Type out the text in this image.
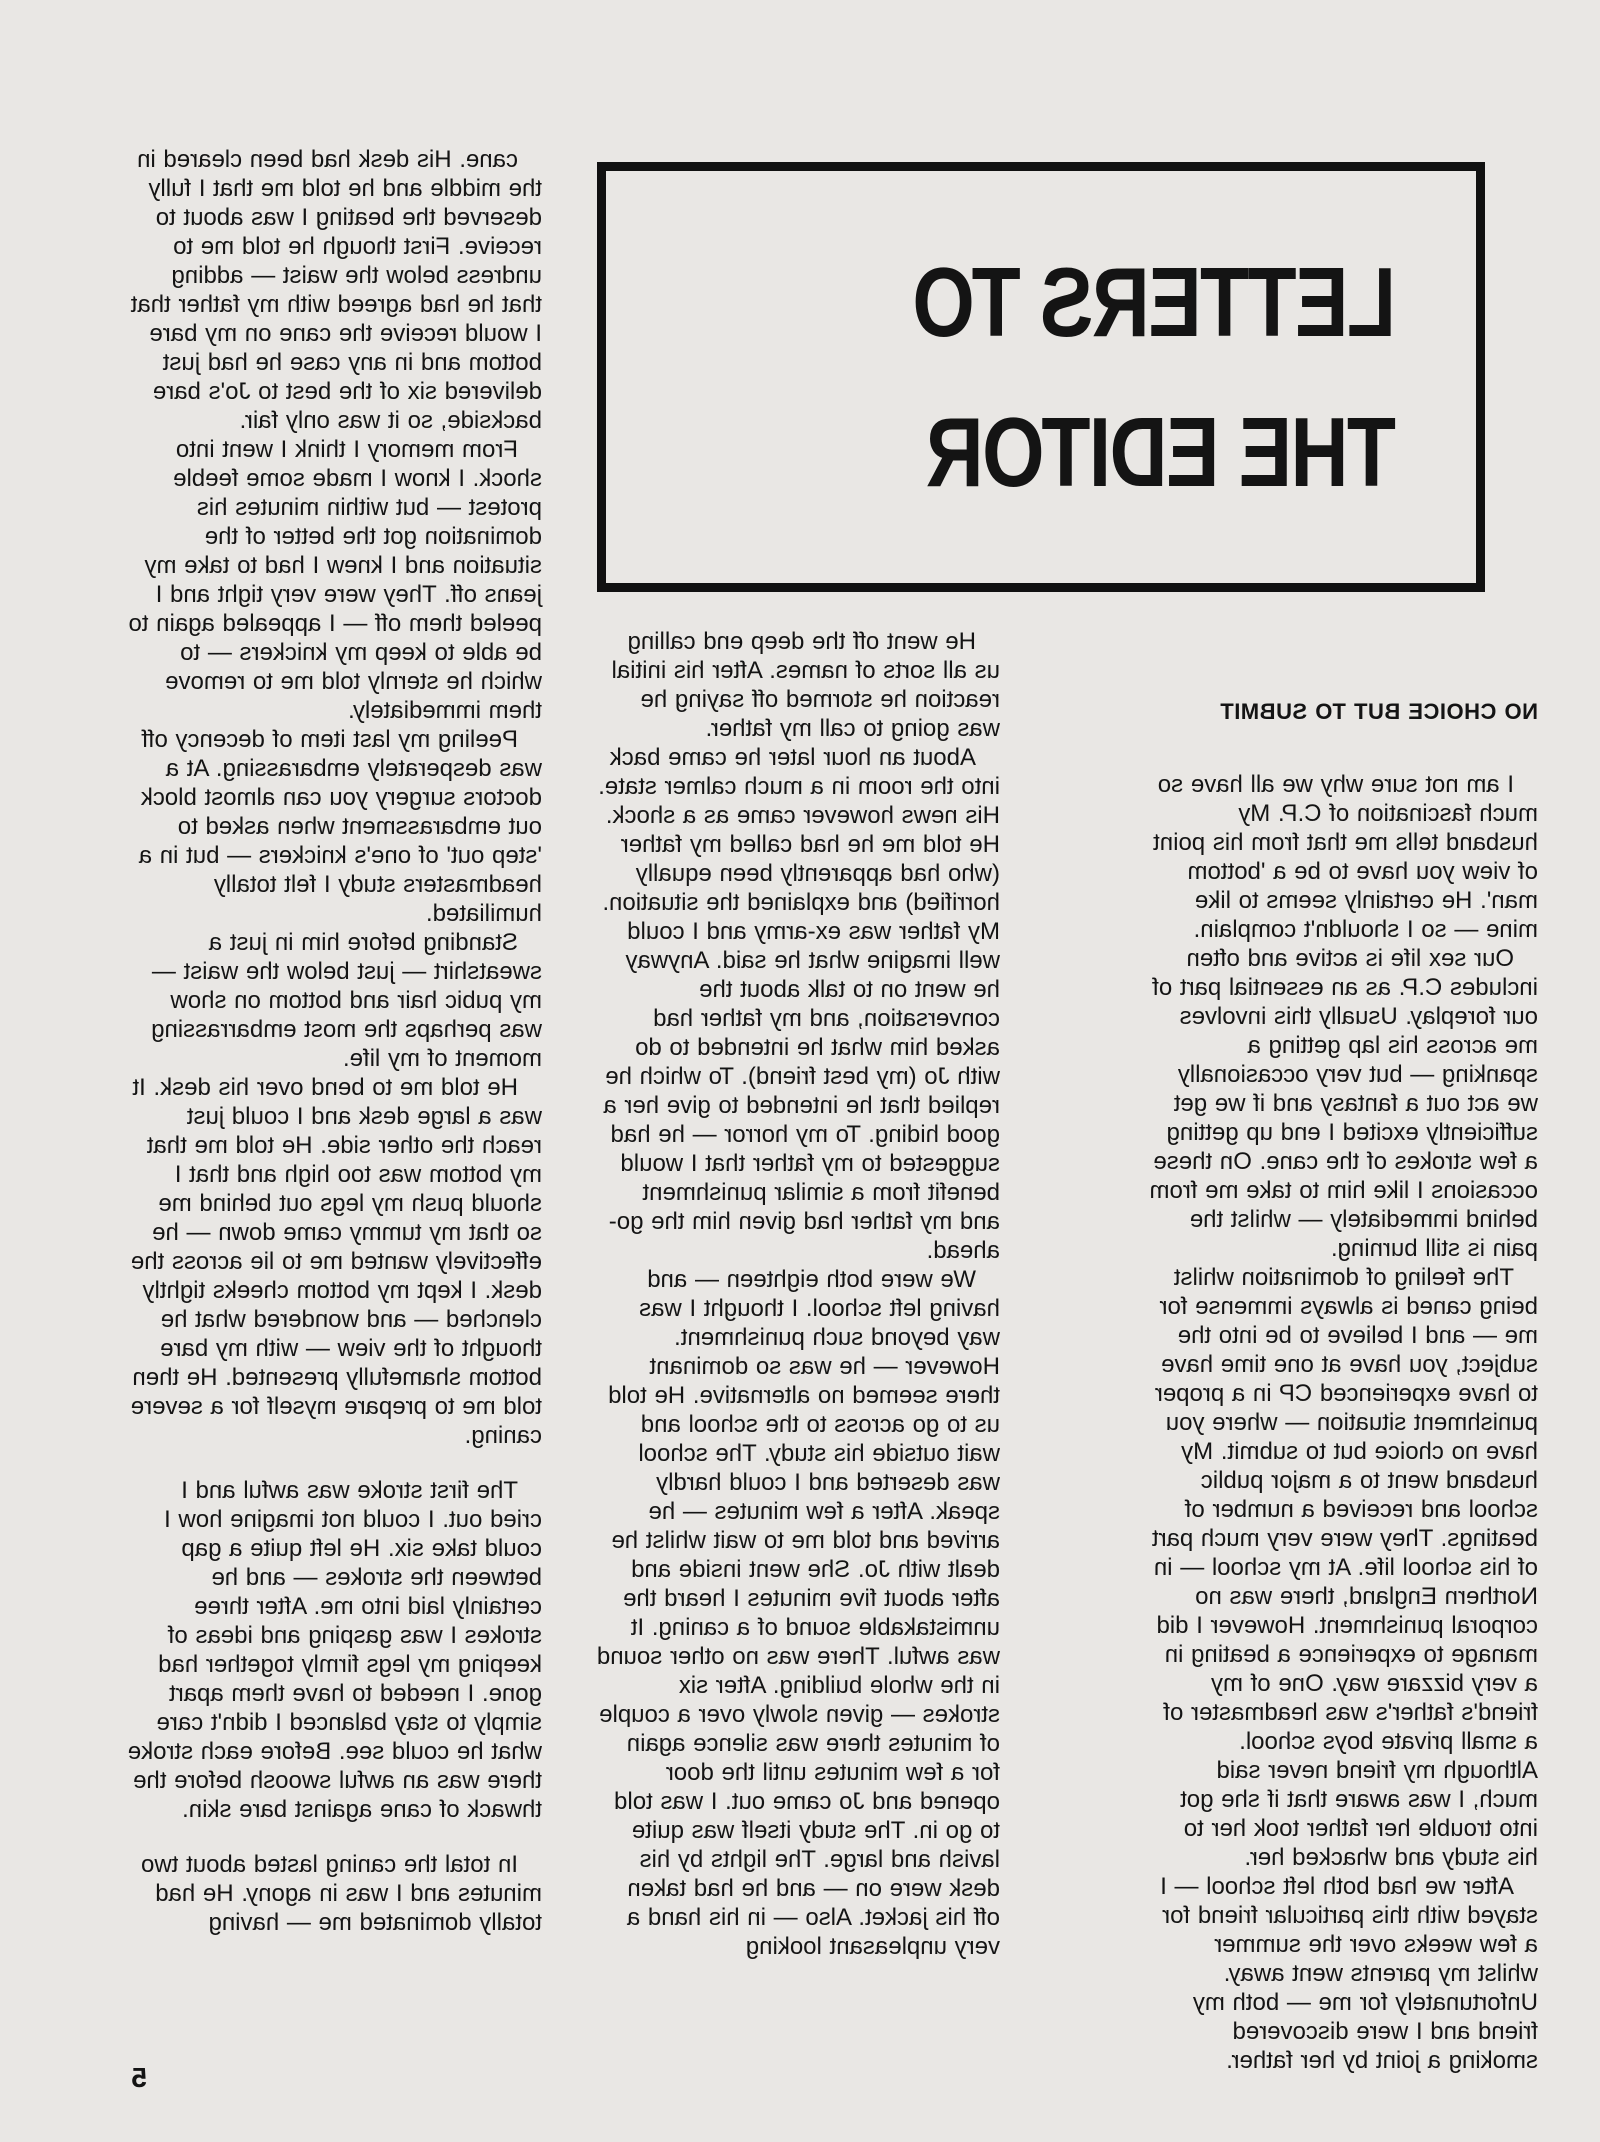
LETTERS TO
THE EDITOR
NO CHOICE BUT TO SUBMIT

I am not sure why we all have so much fascination of C.P. My husband tells me that from his point of view you have to be a 'bottom man'. He certainly seems to like mine — so I shouldn't complain.

Our sex life is active and often includes C.P. as an essential part of our foreplay. Usually this involves me across his lap getting a spanking — but very occasionally we act out a fantasy and if we get sufficiently excited I end up getting a few strokes of the cane. On these occasions I like him to take me from behind immediately — whilst the pain is still burning.

The feeling of domination whilst being caned is always immense for me — and I believe to be into the subject, you have at one time have to have experienced CP in a proper punishment situation — where you have no choice but to submit. My husband went to a major public school and received a number of beatings. They were very much part of his school life. At my school — in Northern England, there was no corporal punishment. However I did manage to experience a beating in a very bizzare way. One of my friend's father's was headmaster of a small private boys school. Although my friend never said much, I was aware that if she got into trouble her father took her to his study and whacked her.

After we had both left school — I stayed with this particular friend for a few weeks over the summer whilst my parents went away. Unfortunately for me — both my friend and I were discovered smoking a joint by her father.

He went off the deep end calling us all sorts of names. After his initial reaction he stormed off saying he was going to call my father.

About an hour later he came back into the room in a much calmer state. His news however came as a shock. He told me he had called my father (who had apparently been equally horrified) and explained the situation. My father was ex-army and I could well imagine what he said. Anyway he went on to talk about the conversation, and my father had asked him what he intended to do with Jo (my best friend). To which he replied that he intended to give her a good hiding. To my horror — he had suggested to my father that I would benefit from a similar punishment and my father had given him the go-ahead.

We were both eighteen — and having left school. I thought I was way beyond such punishment. However — he was so dominant there seemed no alternative. He told us to go across to the school and wait outside his study. The school was deserted and I could hardly speak. After a few minutes — he arrived and told me to wait whilst he dealt with Jo. She went inside and after about five minutes I heard the unmistakable sound of a caning. It was awful. There was no other sound in the whole building. After six strokes — given slowly over a couple of minutes there was silence again for a few minutes until the door opened and Jo came out. I was told to go in. The study itself was quite lavish and large. The lights by his desk were on — and he had taken off his jacket. Also — in his hand a very unpleasant looking

cane. His desk had been cleared in the middle and he told me that I fully deserved the beating I was about to receive. First though he told me to undress below the waist — adding that he had agreed with my father that I would receive the cane on my bare bottom and in any case he had just delivered six of the best to Jo's bare backside, so it was only fair.

From memory I think I went into shock. I know I made some feeble protest — but within minutes his domination got the better of the situation and I knew I had to take my jeans off. They were very tight and I peeled them off — I appealed again to be able to keep my knickers — to which he sternly told me to remove them immediately.

Peeling my last item of decency off was desperately embarassing. At a doctors surgery you can almost block out embarassment when asked to 'step out' of one's knickers — but in a headmasters study I felt totally humiliated.

Standing before him in just a sweatshirt — just below the waist — my pubic hair and bottom on show was perhaps the most embarrassing moment of my life.

He told me to bend over his desk. It was a large desk and I could just reach the other side. He told me that my bottom was too high and that I should push my legs out behind me so that my tummy came down — he effectively wanted me to lie across the desk. I kept my bottom cheeks tightly clenched — and wondered what he thought of the view — with my bare bottom shamefully presented. He then told me to prepare myself for a severe caning.

The first stroke was awful and I cried out. I could not imagine how I could take six. He left quite a gap between the strokes — and he certainly laid into me. After three strokes I was gasping and ideas of keeping my legs firmly together had gone. I needed to have them apart simply to stay balanced I didn't care what he could see. Before each stroke there was an awful swoosh before the thwack of cane against bare skin.

In total the caning lasted about two minutes and I was in agony. He had totally dominated me — having

5
